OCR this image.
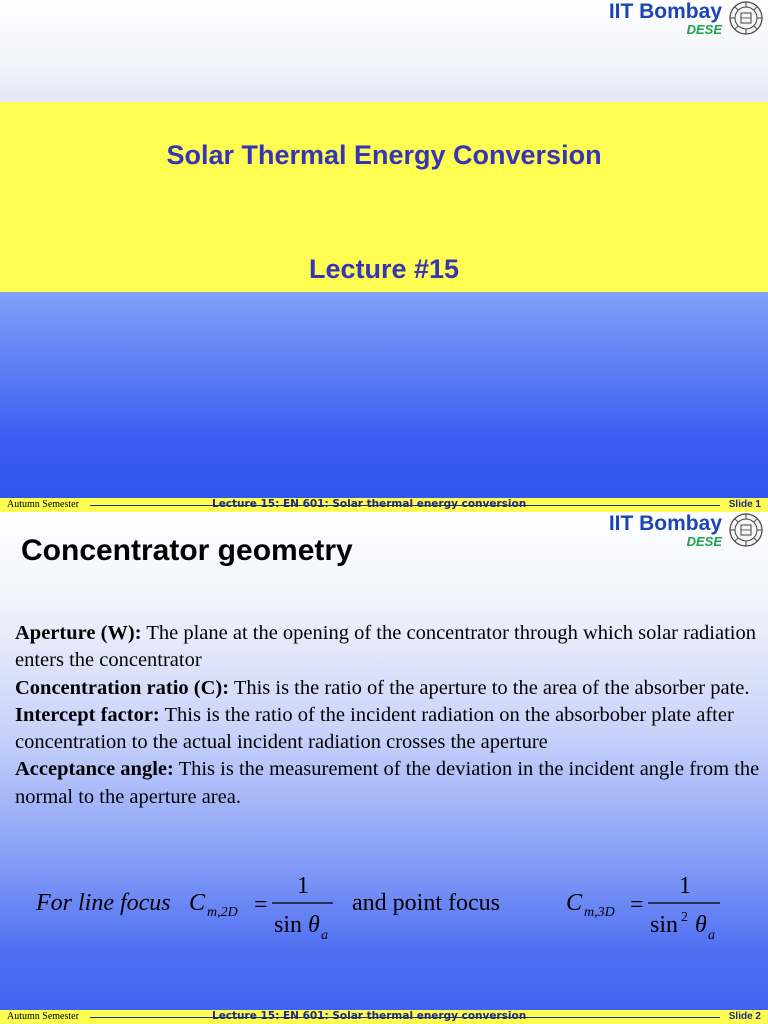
IIT Bombay
DESE
Solar Thermal Energy Conversion
Lecture #15
Autumn Semester	Lecture 15: EN 601: Solar thermal energy conversion	Slide 1
IIT Bombay
DESE
Concentrator geometry

Aperture (W): The plane at the opening of the concentrator through which solar radiation enters the concentrator

Concentration ratio (C): This is the ratio of the aperture to the area of the absorber pate.

Intercept factor: This is the ratio of the incident radiation on the absorbober plate after concentration to the actual incident radiation crosses the aperture

Acceptance angle: This is the measurement of the deviation in the incident angle from the normal to the aperture area.

For line focus C m,2D =
1
sin θ a
and point focus	C m,3D =
1
sin 2 θ a
Autumn Semester	Lecture 15: EN 601: Solar thermal energy conversion	Slide 2
